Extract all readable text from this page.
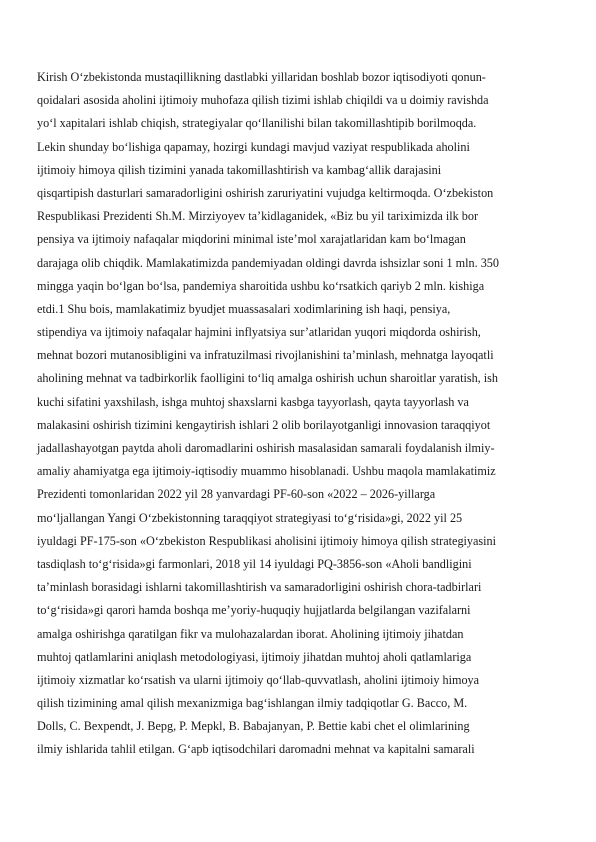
Kirish O‘zbekistonda mustaqillikning dastlabki yillaridan boshlab bozor iqtisodiyoti qonun-
qoidalari asosida aholini ijtimoiy muhofaza qilish tizimi ishlab chiqildi va u doimiy ravishda
yo‘l xapitalari ishlab chiqish, strategiyalar qo‘llanilishi bilan takomillashtipib borilmoqda.
Lekin shunday bo‘lishiga qapamay, hozirgi kundagi mavjud vaziyat respublikada aholini
ijtimoiy himoya qilish tizimini yanada takomillashtirish va kambag‘allik darajasini
qisqartipish dasturlari samaradorligini oshirish zaruriyatini vujudga keltirmoqda. O‘zbekiston
Respublikasi Prezidenti Sh.M. Mirziyoyev ta’kidlaganidek, «Biz bu yil tariximizda ilk bor
pensiya va ijtimoiy nafaqalar miqdorini minimal iste’mol xarajatlaridan kam bo‘lmagan
darajaga olib chiqdik. Mamlakatimizda pandemiyadan oldingi davrda ishsizlar soni 1 mln. 350
mingga yaqin bo‘lgan bo‘lsa, pandemiya sharoitida ushbu ko‘rsatkich qariyb 2 mln. kishiga
etdi.1 Shu bois, mamlakatimiz byudjet muassasalari xodimlarining ish haqi, pensiya,
stipendiya va ijtimoiy nafaqalar hajmini inflyatsiya sur’atlaridan yuqori miqdorda oshirish,
mehnat bozori mutanosibligini va infratuzilmasi rivojlanishini ta’minlash, mehnatga layoqatli
aholining mehnat va tadbirkorlik faolligini to‘liq amalga oshirish uchun sharoitlar yaratish, ish
kuchi sifatini yaxshilash, ishga muhtoj shaxslarni kasbga tayyorlash, qayta tayyorlash va
malakasini oshirish tizimini kengaytirish ishlari 2 olib borilayotganligi innovasion taraqqiyot
jadallashayotgan paytda aholi daromadlarini oshirish masalasidan samarali foydalanish ilmiy-
amaliy ahamiyatga ega ijtimoiy-iqtisodiy muammo hisoblanadi. Ushbu maqola mamlakatimiz
Prezidenti tomonlaridan 2022 yil 28 yanvardagi PF-60-son «2022 – 2026-yillarga
mo‘ljallangan Yangi O‘zbekistonning taraqqiyot strategiyasi to‘g‘risida»gi, 2022 yil 25
iyuldagi PF-175-son «O‘zbekiston Respublikasi aholisini ijtimoiy himoya qilish strategiyasini
tasdiqlash to‘g‘risida»gi farmonlari, 2018 yil 14 iyuldagi PQ-3856-son «Aholi bandligini
ta’minlash borasidagi ishlarni takomillashtirish va samaradorligini oshirish chora-tadbirlari
to‘g‘risida»gi qarori hamda boshqa me’yoriy-huquqiy hujjatlarda belgilangan vazifalarni
amalga oshirishga qaratilgan fikr va mulohazalardan iborat. Aholining ijtimoiy jihatdan
muhtoj qatlamlarini aniqlash metodologiyasi, ijtimoiy jihatdan muhtoj aholi qatlamlariga
ijtimoiy xizmatlar ko‘rsatish va ularni ijtimoiy qo‘llab-quvvatlash, aholini ijtimoiy himoya
qilish tizimining amal qilish mexanizmiga bag‘ishlangan ilmiy tadqiqotlar G. Bacco, M.
Dolls, C. Bexpendt, J. Bepg, P. Mepkl, B. Babajanyan, P. Bettie kabi chet el olimlarining
ilmiy ishlarida tahlil etilgan. G‘apb iqtisodchilari daromadni mehnat va kapitalni samarali
